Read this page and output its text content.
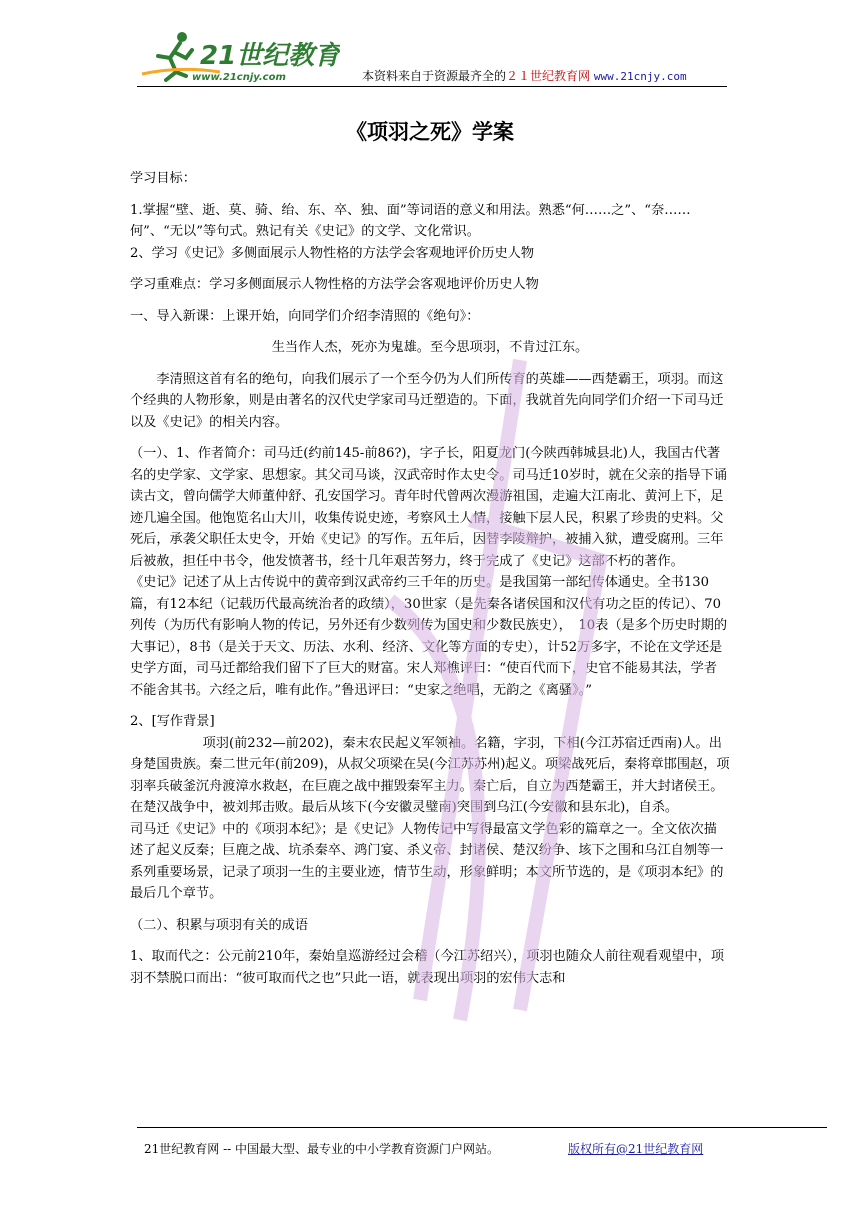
21世纪教育
www.21cnjy.com	本资料来自于资源最齐全的２１世纪教育网 www.21cnjy.com
《项羽之死》学案

学习目标：

1.掌握“壁、逝、莫、骑、绐、东、卒、独、面”等词语的意义和用法。熟悉“何……之”、“奈……何”、“无以”等句式。熟记有关《史记》的文学、文化常识。

2、学习《史记》多侧面展示人物性格的方法学会客观地评价历史人物

学习重难点：学习多侧面展示人物性格的方法学会客观地评价历史人物

一、导入新课：上课开始，向同学们介绍李清照的《绝句》：

生当作人杰，死亦为鬼雄。至今思项羽，不肯过江东。

李清照这首有名的绝句，向我们展示了一个至今仍为人们所传育的英雄——西楚霸王，项羽。而这个经典的人物形象，则是由著名的汉代史学家司马迁塑造的。下面，我就首先向同学们介绍一下司马迁以及《史记》的相关内容。

（一）、1、作者简介：司马迁(约前145-前86?)，字子长，阳夏龙门(今陕西韩城县北)人，我国古代著名的史学家、文学家、思想家。其父司马谈，汉武帝时作太史令。司马迁10岁时，就在父亲的指导下诵读古文，曾向儒学大师董仲舒、孔安国学习。青年时代曾两次漫游祖国，走遍大江南北、黄河上下，足迹几遍全国。他饱览名山大川，收集传说史迹，考察风土人情，接触下层人民，积累了珍贵的史料。父死后，承袭父职任太史令，开始《史记》的写作。五年后，因替李陵辩护，被捕入狱，遭受腐刑。三年后被赦，担任中书令，他发愤著书，经十几年艰苦努力，终于完成了《史记》这部不朽的著作。

《史记》记述了从上古传说中的黄帝到汉武帝约三千年的历史。是我国第一部纪传体通史。全书130篇，有12本纪（记载历代最高统治者的政绩），30世家（是先秦各诸侯国和汉代有功之臣的传记）、70列传（为历代有影响人物的传记，另外还有少数列传为国史和少数民族史），　10表（是多个历史时期的大事记），8书（是关于天文、历法、水利、经济、文化等方面的专史），计52万多字，不论在文学还是史学方面，司马迁都给我们留下了巨大的财富。宋人郑樵评曰：“使百代而下，史官不能易其法，学者不能舍其书。六经之后，唯有此作。”鲁迅评曰：“史家之绝唱，无韵之《离骚》。”

2、[写作背景]

项羽(前232—前202)，秦末农民起义军领袖。名籍，字羽，下相(今江苏宿迁西南)人。出身楚国贵族。秦二世元年(前209)，从叔父项梁在吴(今江苏苏州)起义。项梁战死后，秦将章邯围赵，项羽率兵破釜沉舟渡漳水救赵，在巨鹿之战中摧毁秦军主力。秦亡后，自立为西楚霸王，并大封诸侯王。在楚汉战争中，被刘邦击败。最后从垓下(今安徽灵璧南)突围到乌江(今安徽和县东北)，自杀。

司马迁《史记》中的《项羽本纪》；是《史记》人物传记中写得最富文学色彩的篇章之一。全文依次描述了起义反秦；巨鹿之战、坑杀秦卒、鸿门宴、杀义帝、封诸侯、楚汉纷争、垓下之围和乌江自刎等一系列重要场景，记录了项羽一生的主要业迹，情节生动，形象鲜明；本文所节选的，是《项羽本纪》的最后几个章节。

（二）、积累与项羽有关的成语

1、取而代之：公元前210年，秦始皇巡游经过会稽（今江苏绍兴），项羽也随众人前往观看观望中，项羽不禁脱口而出：“彼可取而代之也”只此一语，就表现出项羽的宏伟大志和

21世纪教育网 -- 中国最大型、最专业的中小学教育资源门户网站。	版权所有@21世纪教育网
